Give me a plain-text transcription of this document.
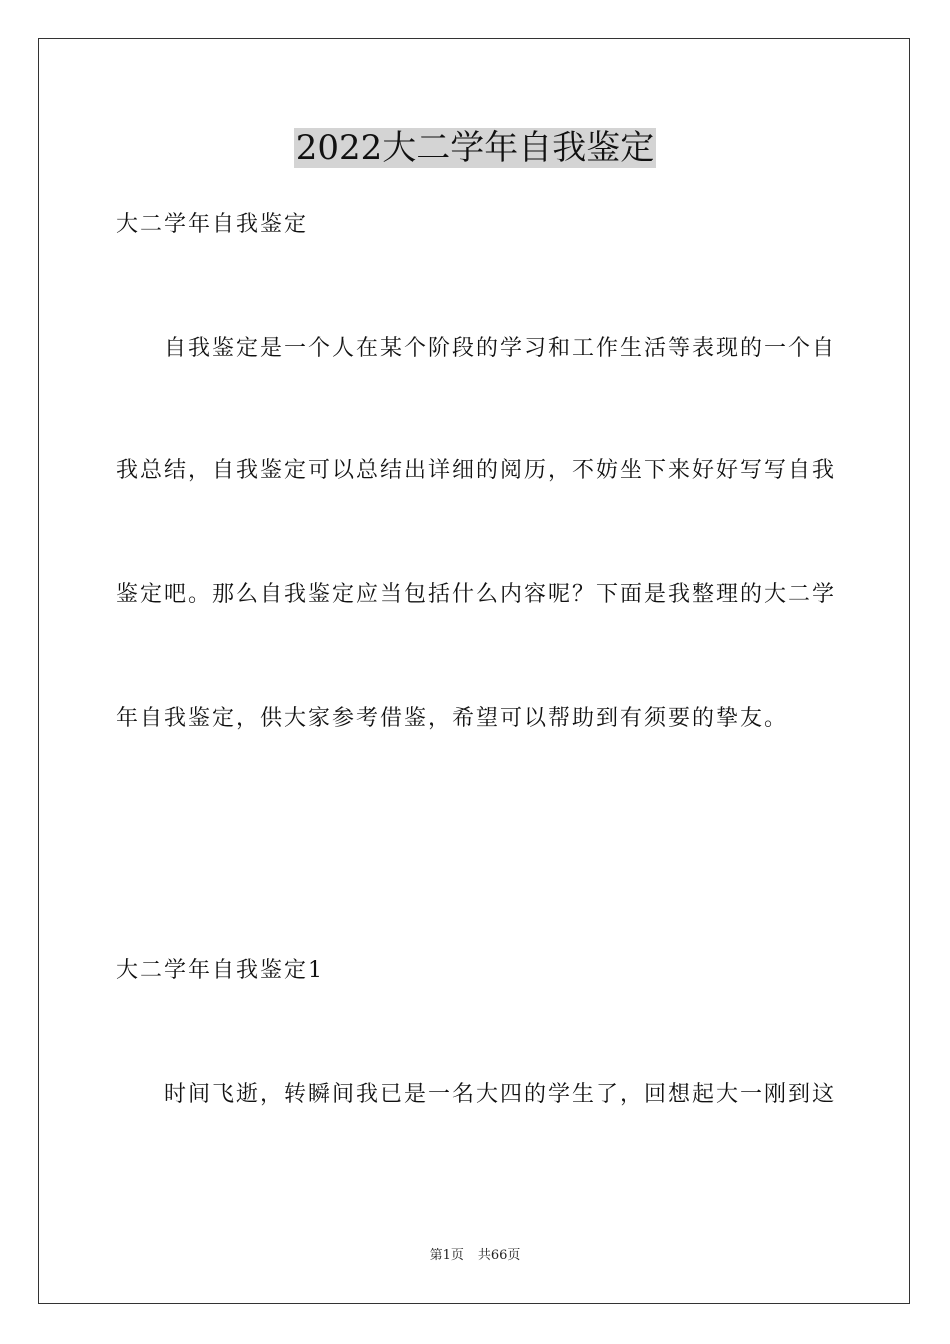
2022大二学年自我鉴定
大二学年自我鉴定
自我鉴定是一个人在某个阶段的学习和工作生活等表现的一个自
我总结，自我鉴定可以总结出详细的阅历，不妨坐下来好好写写自我
鉴定吧。那么自我鉴定应当包括什么内容呢？下面是我整理的大二学
年自我鉴定，供大家参考借鉴，希望可以帮助到有须要的挚友。
大二学年自我鉴定1
时间飞逝，转瞬间我已是一名大四的学生了，回想起大一刚到这
第1页 共66页
